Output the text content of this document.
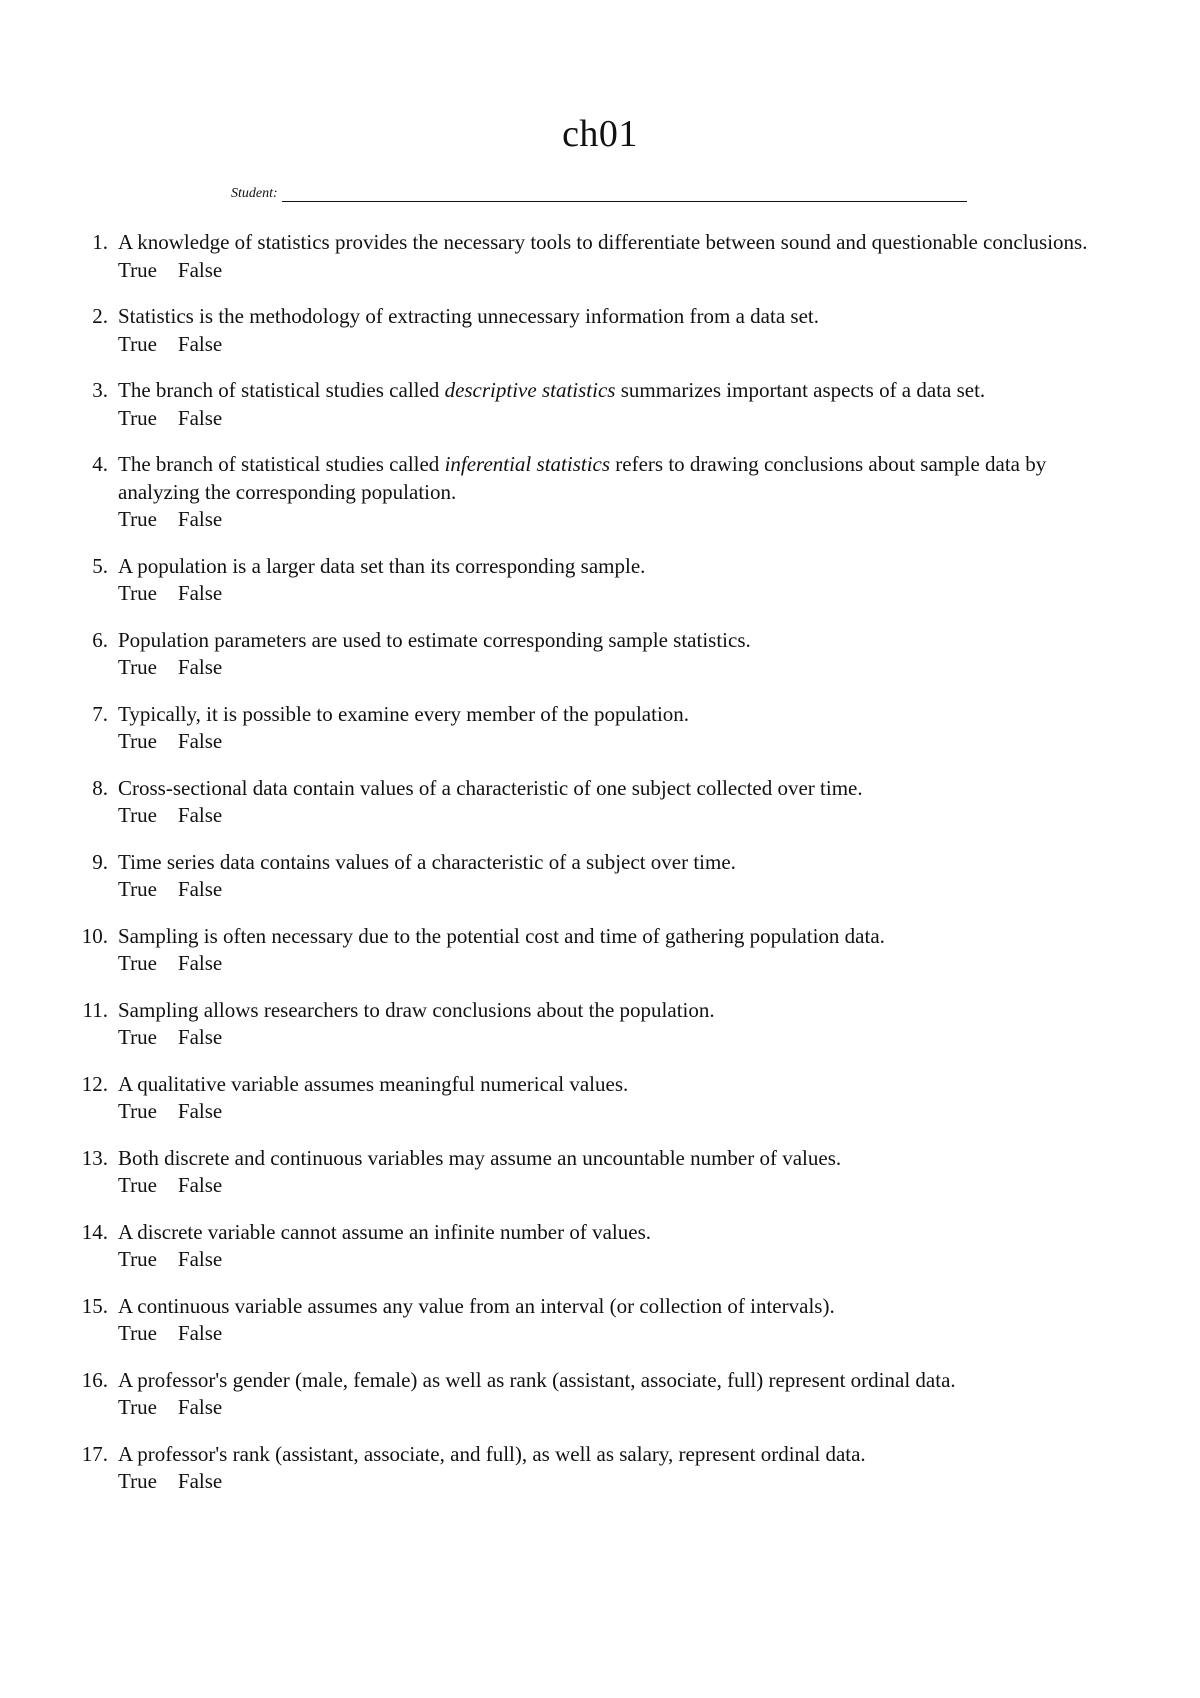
ch01
Student:
1. A knowledge of statistics provides the necessary tools to differentiate between sound and questionable conclusions.
True False
2. Statistics is the methodology of extracting unnecessary information from a data set.
True False
3. The branch of statistical studies called descriptive statistics summarizes important aspects of a data set.
True False
4. The branch of statistical studies called inferential statistics refers to drawing conclusions about sample data by analyzing the corresponding population.
True False
5. A population is a larger data set than its corresponding sample.
True False
6. Population parameters are used to estimate corresponding sample statistics.
True False
7. Typically, it is possible to examine every member of the population.
True False
8. Cross-sectional data contain values of a characteristic of one subject collected over time.
True False
9. Time series data contains values of a characteristic of a subject over time.
True False
10. Sampling is often necessary due to the potential cost and time of gathering population data.
True False
11. Sampling allows researchers to draw conclusions about the population.
True False
12. A qualitative variable assumes meaningful numerical values.
True False
13. Both discrete and continuous variables may assume an uncountable number of values.
True False
14. A discrete variable cannot assume an infinite number of values.
True False
15. A continuous variable assumes any value from an interval (or collection of intervals).
True False
16. A professor's gender (male, female) as well as rank (assistant, associate, full) represent ordinal data.
True False
17. A professor's rank (assistant, associate, and full), as well as salary, represent ordinal data.
True False
